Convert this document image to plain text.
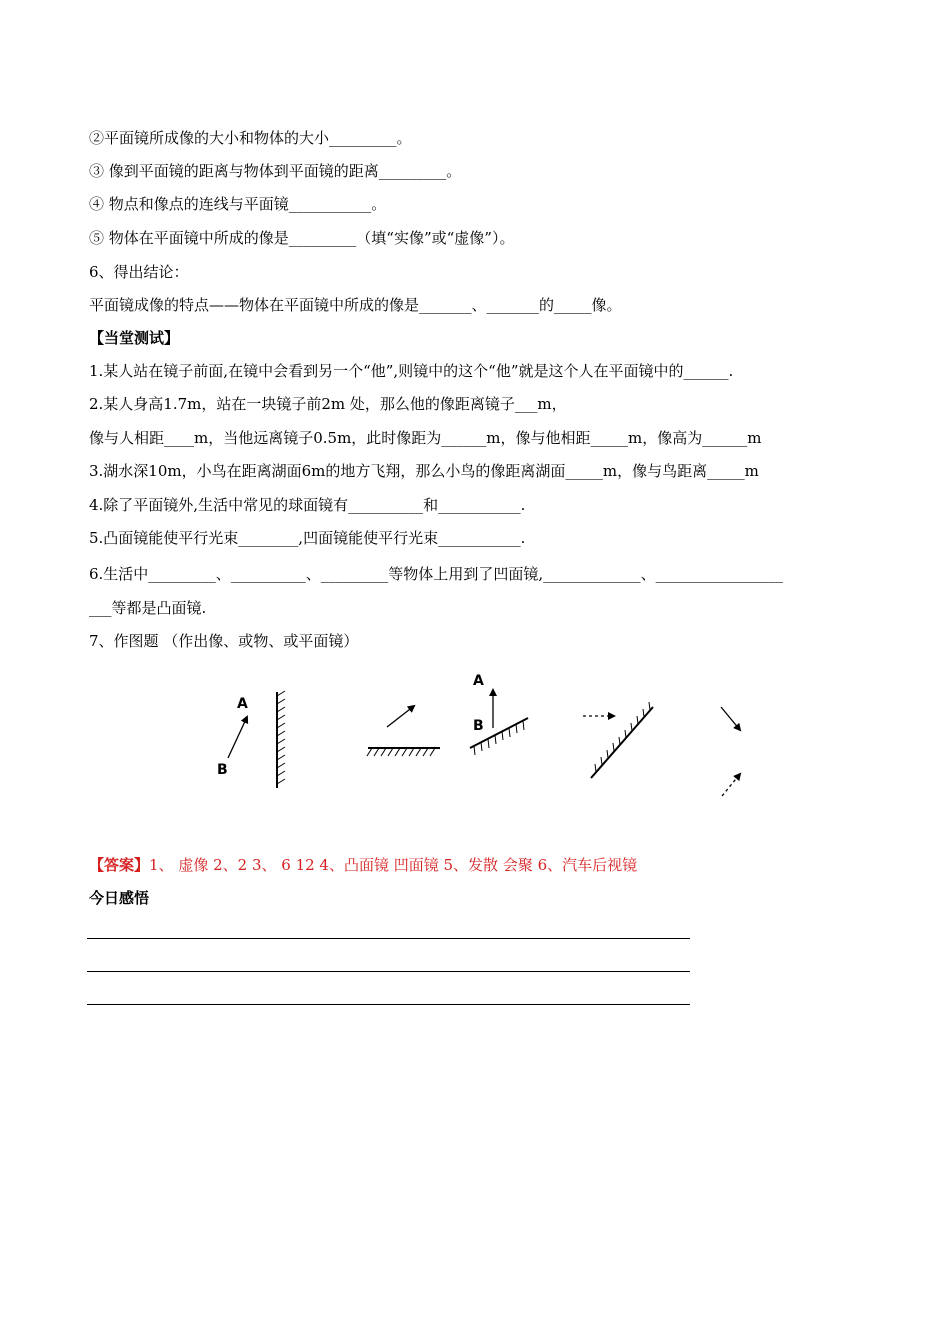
②平面镜所成像的大小和物体的大小_________。
③ 像到平面镜的距离与物体到平面镜的距离_________。
④ 物点和像点的连线与平面镜___________。
⑤ 物体在平面镜中所成的像是_________（填“实像”或“虚像”）。
6、得出结论：
平面镜成像的特点——物体在平面镜中所成的像是_______、_______的_____像。
【当堂测试】
1.某人站在镜子前面,在镜中会看到另一个“他”,则镜中的这个“他”就是这个人在平面镜中的______.
2.某人身高1.7m，站在一块镜子前2m 处，那么他的像距离镜子___m，
像与人相距____m，当他远离镜子0.5m，此时像距为______m，像与他相距_____m，像高为______m
3.湖水深10m，小鸟在距离湖面6m的地方飞翔，那么小鸟的像距离湖面_____m，像与鸟距离_____m
4.除了平面镜外,生活中常见的球面镜有__________和___________.
5.凸面镜能使平行光束________,凹面镜能使平行光束___________.
6.生活中_________、__________、_________等物体上用到了凹面镜,_____________、_________________
___等都是凸面镜.
7、作图题 （作出像、或物、或平面镜）
A
B
A
B
【答案】1、 虚像 2、2 3、 6 12 4、凸面镜 凹面镜 5、发散 会聚 6、汽车后视镜
今日感悟
